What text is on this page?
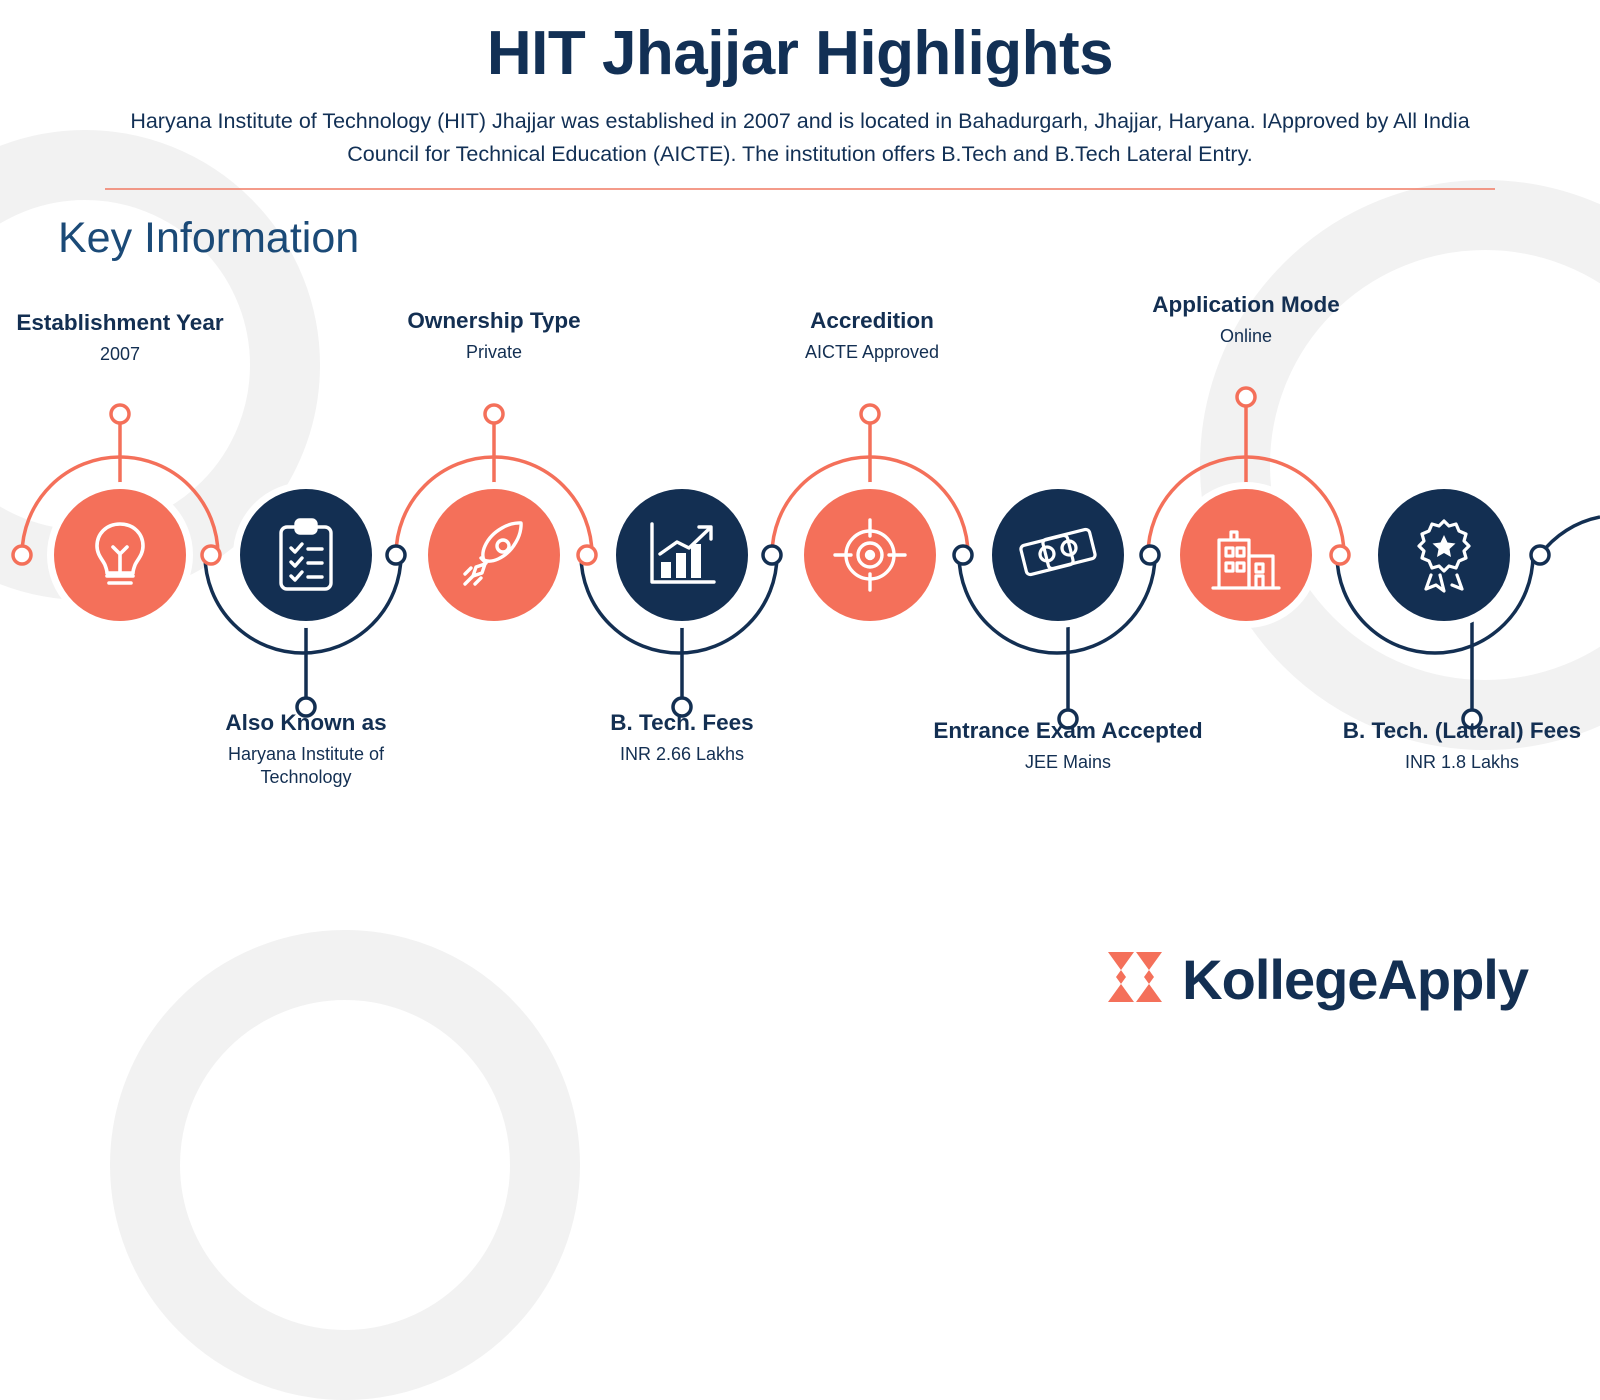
HIT Jhajjar Highlights
Haryana Institute of Technology (HIT) Jhajjar was established in 2007 and is located in Bahadurgarh, Jhajjar, Haryana. IApproved by All India Council for Technical Education (AICTE). The institution offers B.Tech and B.Tech Lateral Entry.
Key Information
Establishment Year
2007
Also Known as
Haryana Institute of Technology
Ownership Type
Private
B. Tech. Fees
INR 2.66 Lakhs
Accredition
AICTE Approved
Entrance Exam Accepted
JEE Mains
Application Mode
Online
B. Tech. (Lateral) Fees
INR 1.8 Lakhs
KollegeApply
